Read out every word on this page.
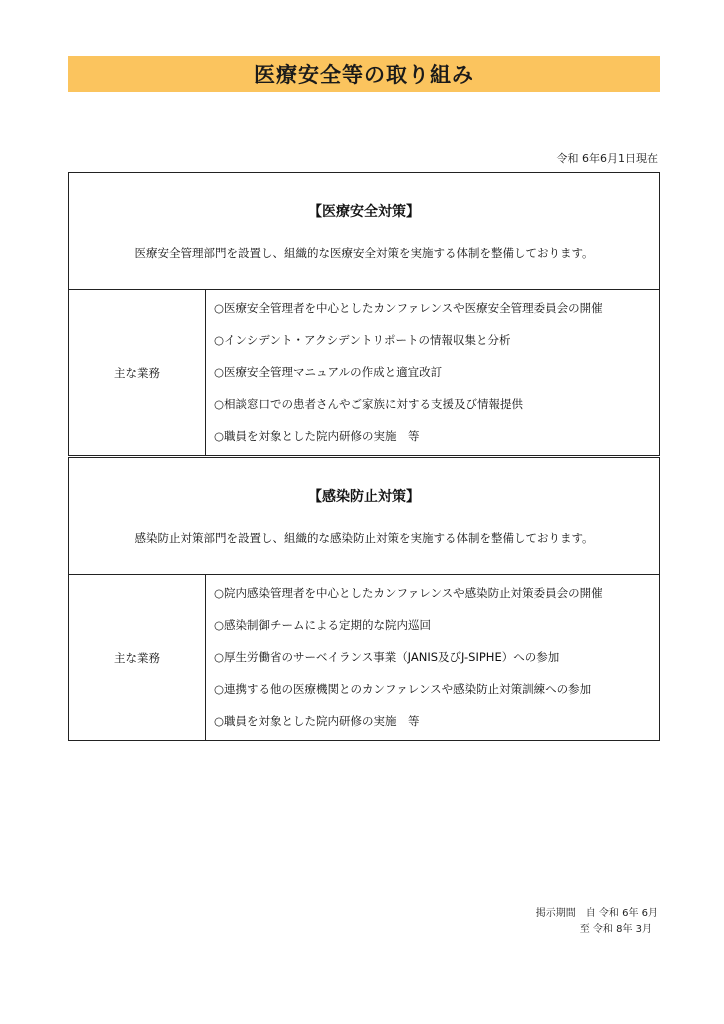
医療安全等の取り組み
令和 6年6月1日現在
【医療安全対策】
医療安全管理部門を設置し、組織的な医療安全対策を実施する体制を整備しております。
主な業務
○医療安全管理者を中心としたカンファレンスや医療安全管理委員会の開催
○インシデント・アクシデントリポートの情報収集と分析
○医療安全管理マニュアルの作成と適宜改訂
○相談窓口での患者さんやご家族に対する支援及び情報提供
○職員を対象とした院内研修の実施　等
【感染防止対策】
感染防止対策部門を設置し、組織的な感染防止対策を実施する体制を整備しております。
主な業務
○院内感染管理者を中心としたカンファレンスや感染防止対策委員会の開催
○感染制御チームによる定期的な院内巡回
○厚生労働省のサーベイランス事業（JANIS及びJ-SIPHE）への参加
○連携する他の医療機関とのカンファレンスや感染防止対策訓練への参加
○職員を対象とした院内研修の実施　等
掲示期間　自 令和 6年 6月
至 令和 8年 3月
